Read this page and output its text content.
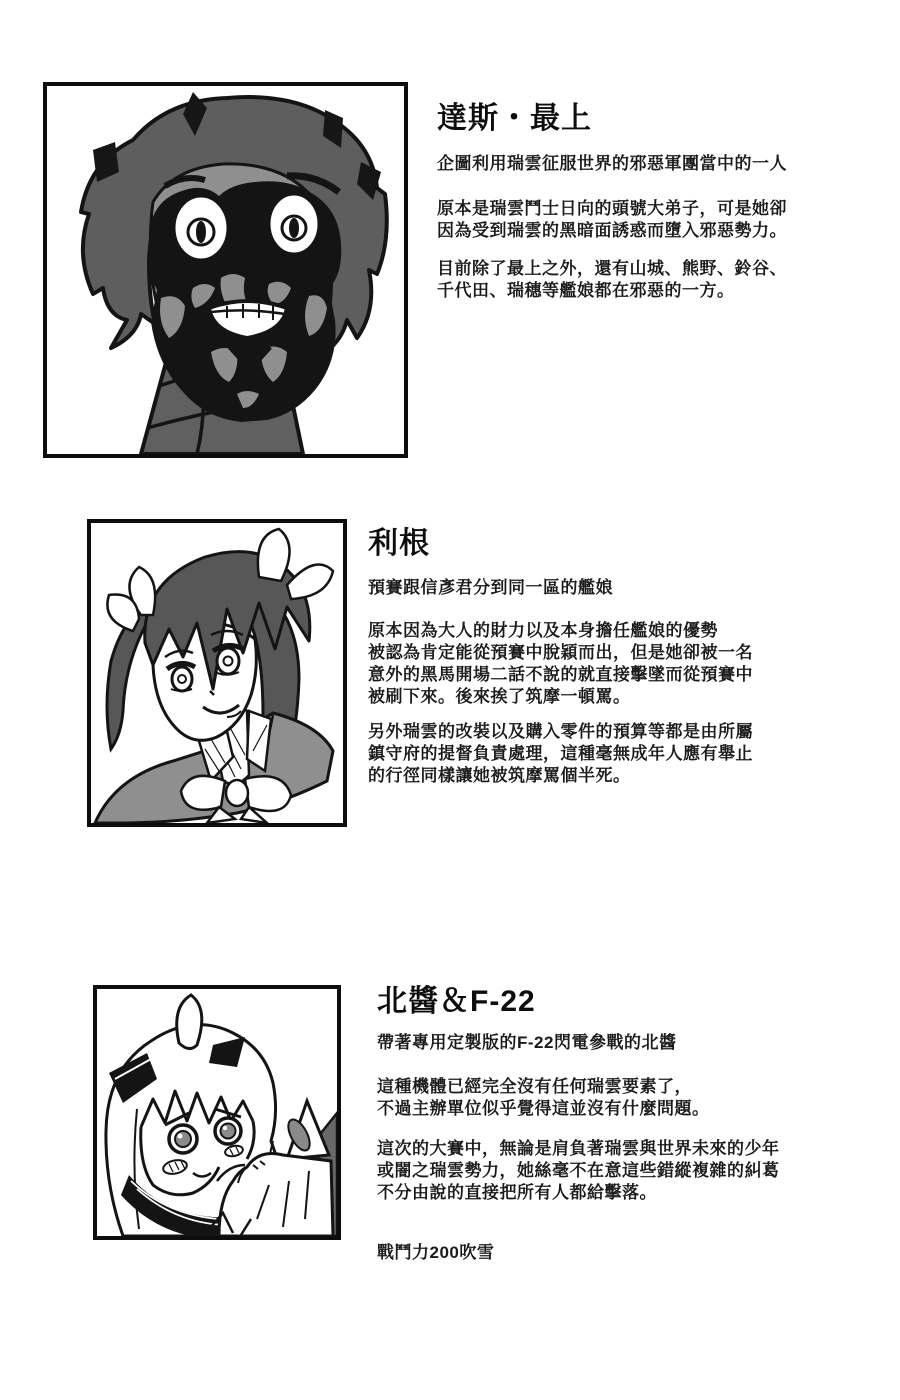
達斯・最上
企圖利用瑞雲征服世界的邪惡軍團當中的一人
原本是瑞雲鬥士日向的頭號大弟子，可是她卻
因為受到瑞雲的黑暗面誘惑而墮入邪惡勢力。
目前除了最上之外，還有山城、熊野、鈴谷、
千代田、瑞穗等艦娘都在邪惡的一方。
利根
預賽跟信彥君分到同一區的艦娘
原本因為大人的財力以及本身擔任艦娘的優勢
被認為肯定能從預賽中脫穎而出，但是她卻被一名
意外的黑馬開場二話不說的就直接擊墜而從預賽中
被刷下來。後來挨了筑摩一頓罵。
另外瑞雲的改裝以及購入零件的預算等都是由所屬
鎮守府的提督負責處理，這種毫無成年人應有舉止
的行徑同樣讓她被筑摩罵個半死。
北醬＆F-22
帶著專用定製版的F-22閃電參戰的北醬
這種機體已經完全沒有任何瑞雲要素了，
不過主辦單位似乎覺得這並沒有什麼問題。
這次的大賽中，無論是肩負著瑞雲與世界未來的少年
或闇之瑞雲勢力，她絲毫不在意這些錯縱複雜的糾葛
不分由說的直接把所有人都給擊落。
戰鬥力200吹雪
